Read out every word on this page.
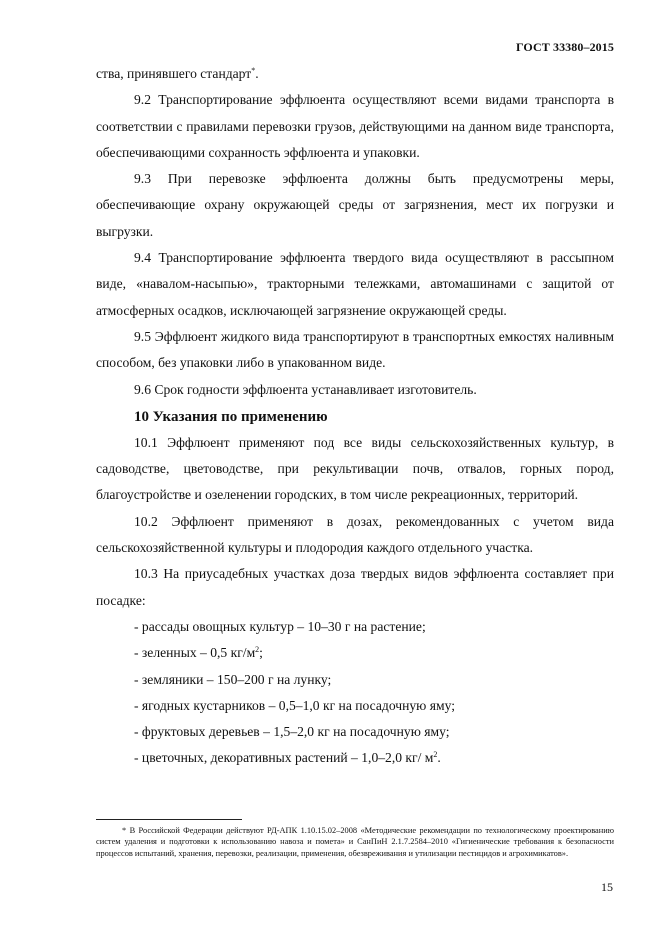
ГОСТ 33380–2015

ства, принявшего стандарт*.

9.2 Транспортирование эффлюента осуществляют всеми видами транспорта в соответствии с правилами перевозки грузов, действующими на данном виде транспорта, обеспечивающими сохранность эффлюента и упаковки.

9.3 При перевозке эффлюента должны быть предусмотрены меры, обеспечивающие охрану окружающей среды от загрязнения, мест их погрузки и выгрузки.

9.4 Транспортирование эффлюента твердого вида осуществляют в рассыпном виде, «навалом-насыпью», тракторными тележками, автомашинами с защитой от атмосферных осадков, исключающей загрязнение окружающей среды.

9.5 Эффлюент жидкого вида транспортируют в транспортных емкостях наливным способом, без упаковки либо в упакованном виде.

9.6 Срок годности эффлюента устанавливает изготовитель.

10 Указания по применению

10.1 Эффлюент применяют под все виды сельскохозяйственных культур, в садоводстве, цветоводстве, при рекультивации почв, отвалов, горных пород, благоустройстве и озеленении городских, в том числе рекреационных, территорий.

10.2 Эффлюент применяют в дозах, рекомендованных с учетом вида сельскохозяйственной культуры и плодородия каждого отдельного участка.

10.3 На приусадебных участках доза твердых видов эффлюента составляет при посадке:

- рассады овощных культур – 10–30 г на растение;

- зеленных – 0,5 $кг/м^2$;

- земляники – 150–200 г на лунку;

- ягодных кустарников – 0,5–1,0 кг на посадочную яму;

- фруктовых деревьев – 1,5–2,0 кг на посадочную яму;

- цветочных, декоративных растений – 1,0–2,0 кг/ $м^2$.

* В Российской Федерации действуют РД-АПК 1.10.15.02–2008 «Методические рекомендации по технологическому проектированию систем удаления и подготовки к использованию навоза и помета» и СанПиН 2.1.7.2584–2010 «Гигиенические требования к безопасности процессов испытаний, хранения, перевозки, реализации, применения, обезвреживания и утилизации пестицидов и агрохимикатов».

15
